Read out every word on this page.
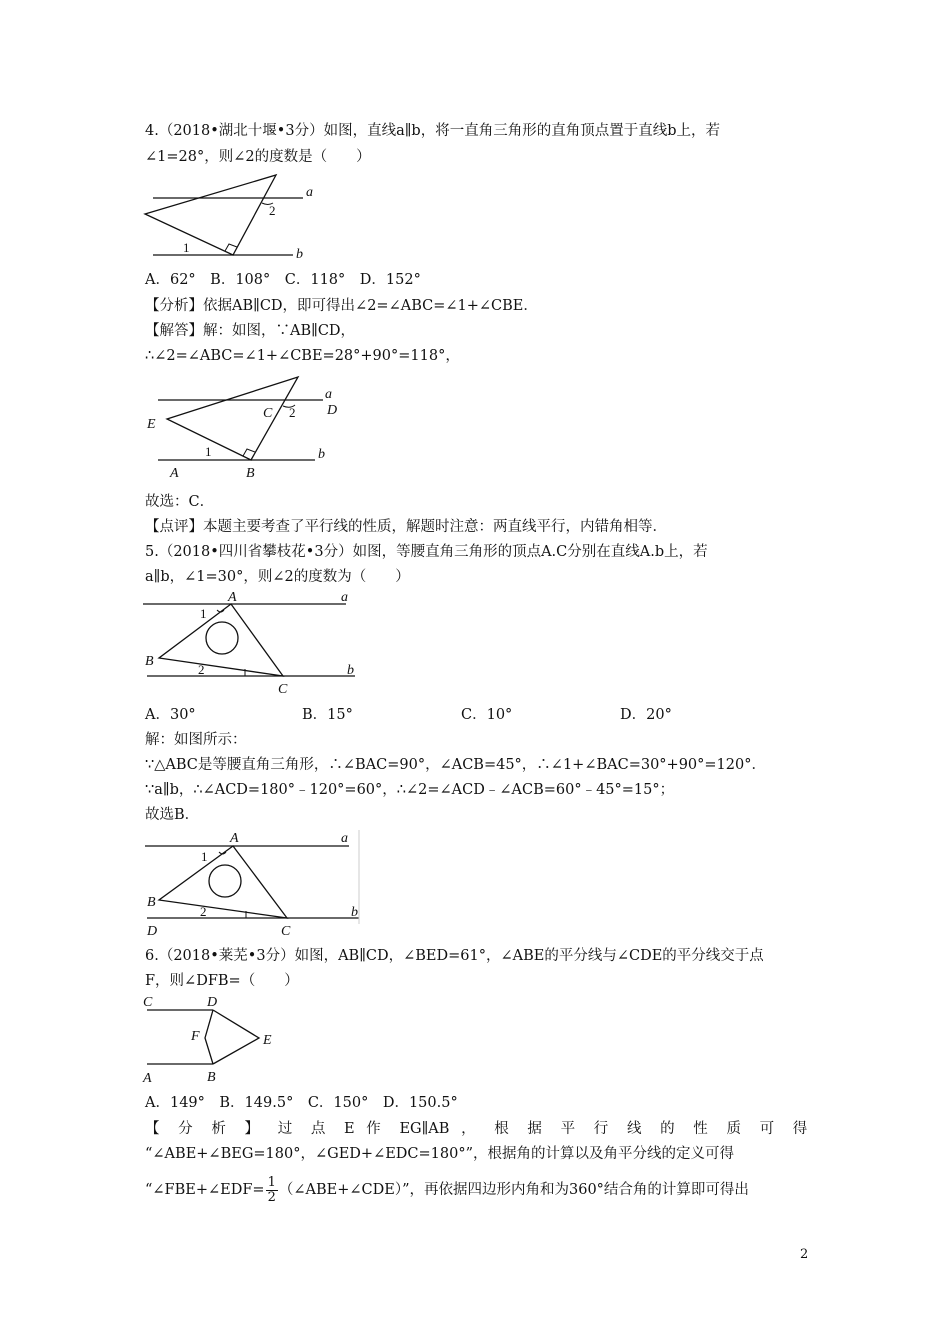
4.（2018•湖北十堰•3分）如图，直线a∥b，将一直角三角形的直角顶点置于直线b上，若
∠1=28°，则∠2的度数是（　　）
a
b
1
2
A．62°　B．108°　C．118°　D．152°
【分析】依据AB∥CD，即可得出∠2=∠ABC=∠1+∠CBE．
【解答】解：如图，∵AB∥CD，
∴∠2=∠ABC=∠1+∠CBE=28°+90°=118°，
a
D
C 2
E
1	b
A	B
故选：C．
【点评】本题主要考查了平行线的性质，解题时注意：两直线平行，内错角相等．
5.（2018•四川省攀枝花•3分）如图，等腰直角三角形的顶点A.C分别在直线A.b上，若
a∥b，∠1=30°，则∠2的度数为（　　）
A	a
1
B
2	b
C
A．30°	B．15°	C．10°	D．20°
解：如图所示：
∵△ABC是等腰直角三角形，∴∠BAC=90°，∠ACB=45°，∴∠1+∠BAC=30°+90°=120°．
∵a∥b，∴∠ACD=180°﹣120°=60°，∴∠2=∠ACD﹣∠ACB=60°﹣45°=15°；
故选B．
A	a
1
B
2	b
D	C
6.（2018•莱芜•3分）如图，AB∥CD，∠BED=61°，∠ABE的平分线与∠CDE的平分线交于点
F，则∠DFB=（　　）
C	D
F	E
A	B
A．149°　B．149.5°　C．150°　D．150.5°
【 分 析 】 过 点 E 作 EG∥AB ， 根 据 平 行 线 的 性 质 可 得
“∠ABE+∠BEG=180°，∠GED+∠EDC=180°”，根据角的计算以及角平分线的定义可得
“∠FBE+∠EDF= $\frac{1}{2}$ （∠ABE+∠CDE）”，再依据四边形内角和为360°结合角的计算即可得出
2
